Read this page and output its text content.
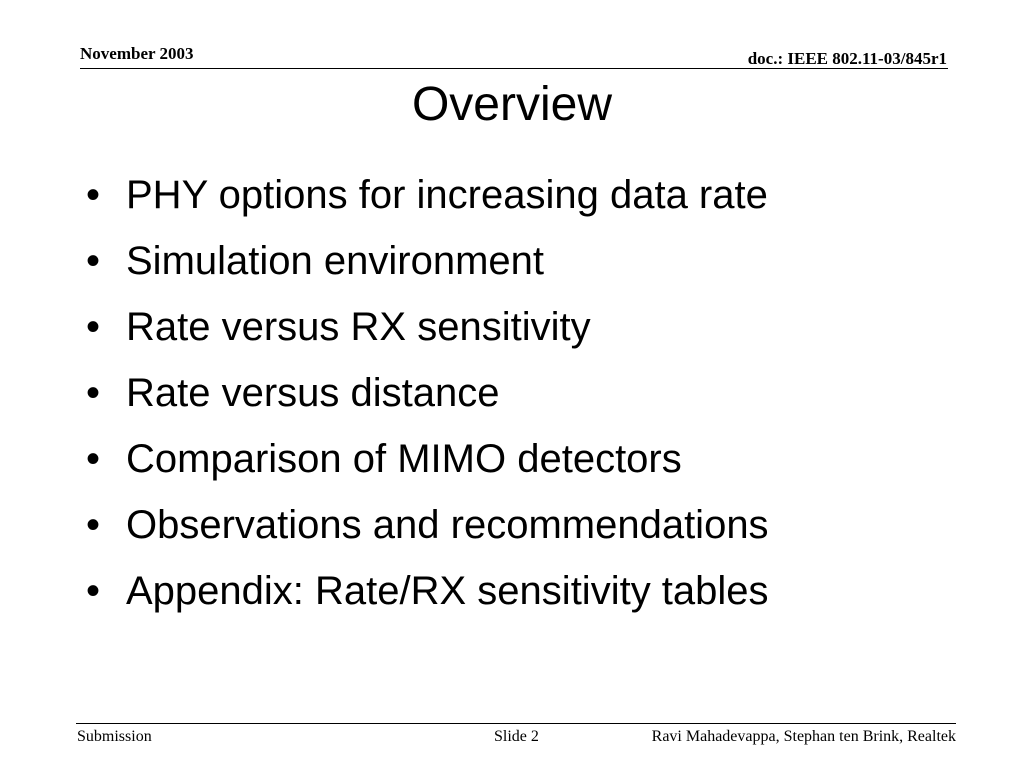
November 2003	doc.: IEEE 802.11-03/845r1
Overview
• PHY options for increasing data rate
• Simulation environment
• Rate versus RX sensitivity
• Rate versus distance
• Comparison of MIMO detectors
• Observations and recommendations
• Appendix: Rate/RX sensitivity tables
Submission	Slide 2	Ravi Mahadevappa, Stephan ten Brink, Realtek
